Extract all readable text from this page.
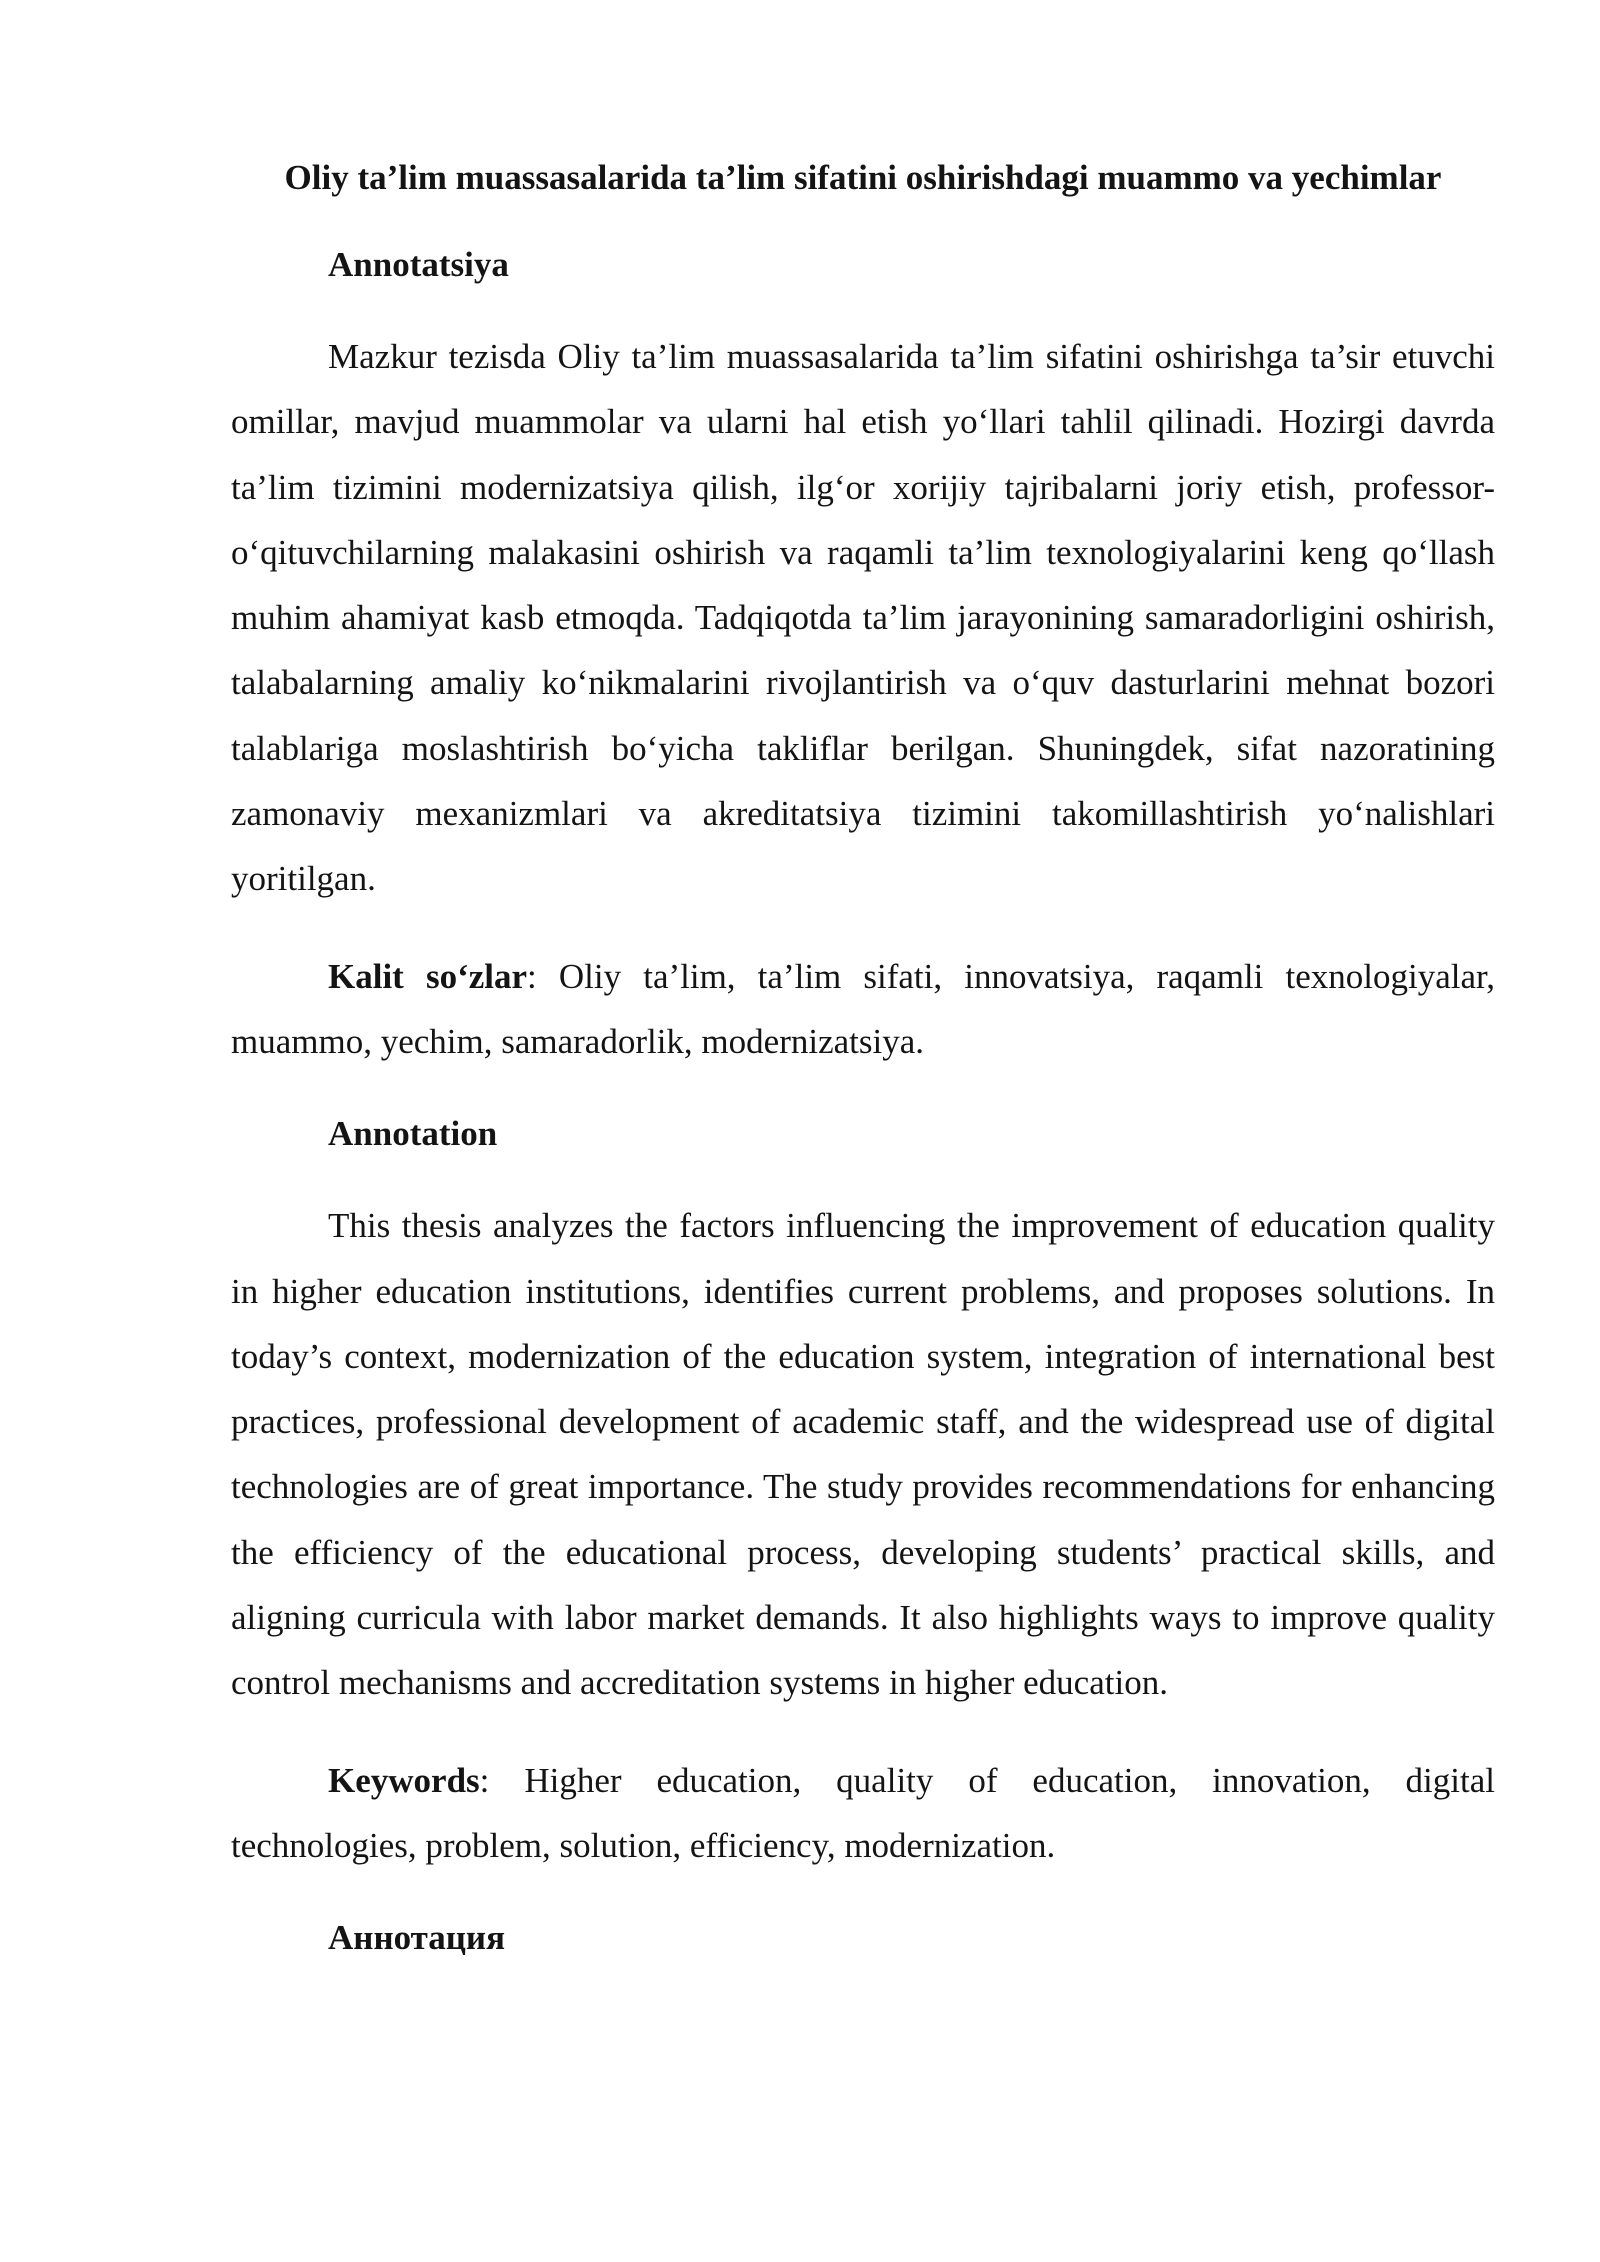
Oliy ta’lim muassasalarida ta’lim sifatini oshirishdagi muammo va yechimlar
Annotatsiya

Mazkur tezisda Oliy ta’lim muassasalarida ta’lim sifatini oshirishga ta’sir etuvchi omillar, mavjud muammolar va ularni hal etish yo‘llari tahlil qilinadi. Hozirgi davrda ta’lim tizimini modernizatsiya qilish, ilg‘or xorijiy tajribalarni joriy etish, professor-o‘qituvchilarning malakasini oshirish va raqamli ta’lim texnologiyalarini keng qo‘llash muhim ahamiyat kasb etmoqda. Tadqiqotda ta’lim jarayonining samaradorligini oshirish, talabalarning amaliy ko‘nikmalarini rivojlantirish va o‘quv dasturlarini mehnat bozori talablariga moslashtirish bo‘yicha takliflar berilgan. Shuningdek, sifat nazoratining zamonaviy mexanizmlari va akreditatsiya tizimini takomillashtirish yo‘nalishlari yoritilgan.

Kalit so‘zlar: Oliy ta’lim, ta’lim sifati, innovatsiya, raqamli texnologiyalar, muammo, yechim, samaradorlik, modernizatsiya.

Annotation

This thesis analyzes the factors influencing the improvement of education quality in higher education institutions, identifies current problems, and proposes solutions. In today’s context, modernization of the education system, integration of international best practices, professional development of academic staff, and the widespread use of digital technologies are of great importance. The study provides recommendations for enhancing the efficiency of the educational process, developing students’ practical skills, and aligning curricula with labor market demands. It also highlights ways to improve quality control mechanisms and accreditation systems in higher education.

Keywords: Higher education, quality of education, innovation, digital technologies, problem, solution, efficiency, modernization.

Аннотация
